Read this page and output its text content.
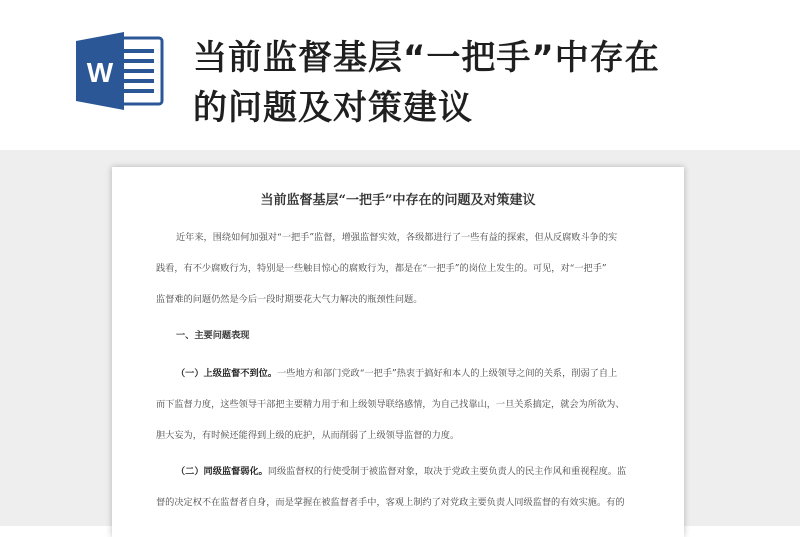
W 当前监督基层“一把手”中存在
的问题及对策建议
当前监督基层“一把手”中存在的问题及对策建议
近年来，围绕如何加强对“一把手”监督，增强监督实效，各级都进行了一些有益的探索，但从反腐败斗争的实
践看，有不少腐败行为，特别是一些触目惊心的腐败行为，都是在“一把手”的岗位上发生的。可见，对“一把手”
监督难的问题仍然是今后一段时期要花大气力解决的瓶颈性问题。
一、主要问题表现
（一）上级监督不到位。一些地方和部门党政“一把手”热衷于搞好和本人的上级领导之间的关系，削弱了自上
而下监督力度，这些领导干部把主要精力用于和上级领导联络感情，为自己找靠山，一旦关系搞定，就会为所欲为、
胆大妄为，有时候还能得到上级的庇护，从而削弱了上级领导监督的力度。
（二）同级监督弱化。同级监督权的行使受制于被监督对象，取决于党政主要负责人的民主作风和重视程度。监
督的决定权不在监督者自身，而是掌握在被监督者手中，客观上制约了对党政主要负责人同级监督的有效实施。有的
